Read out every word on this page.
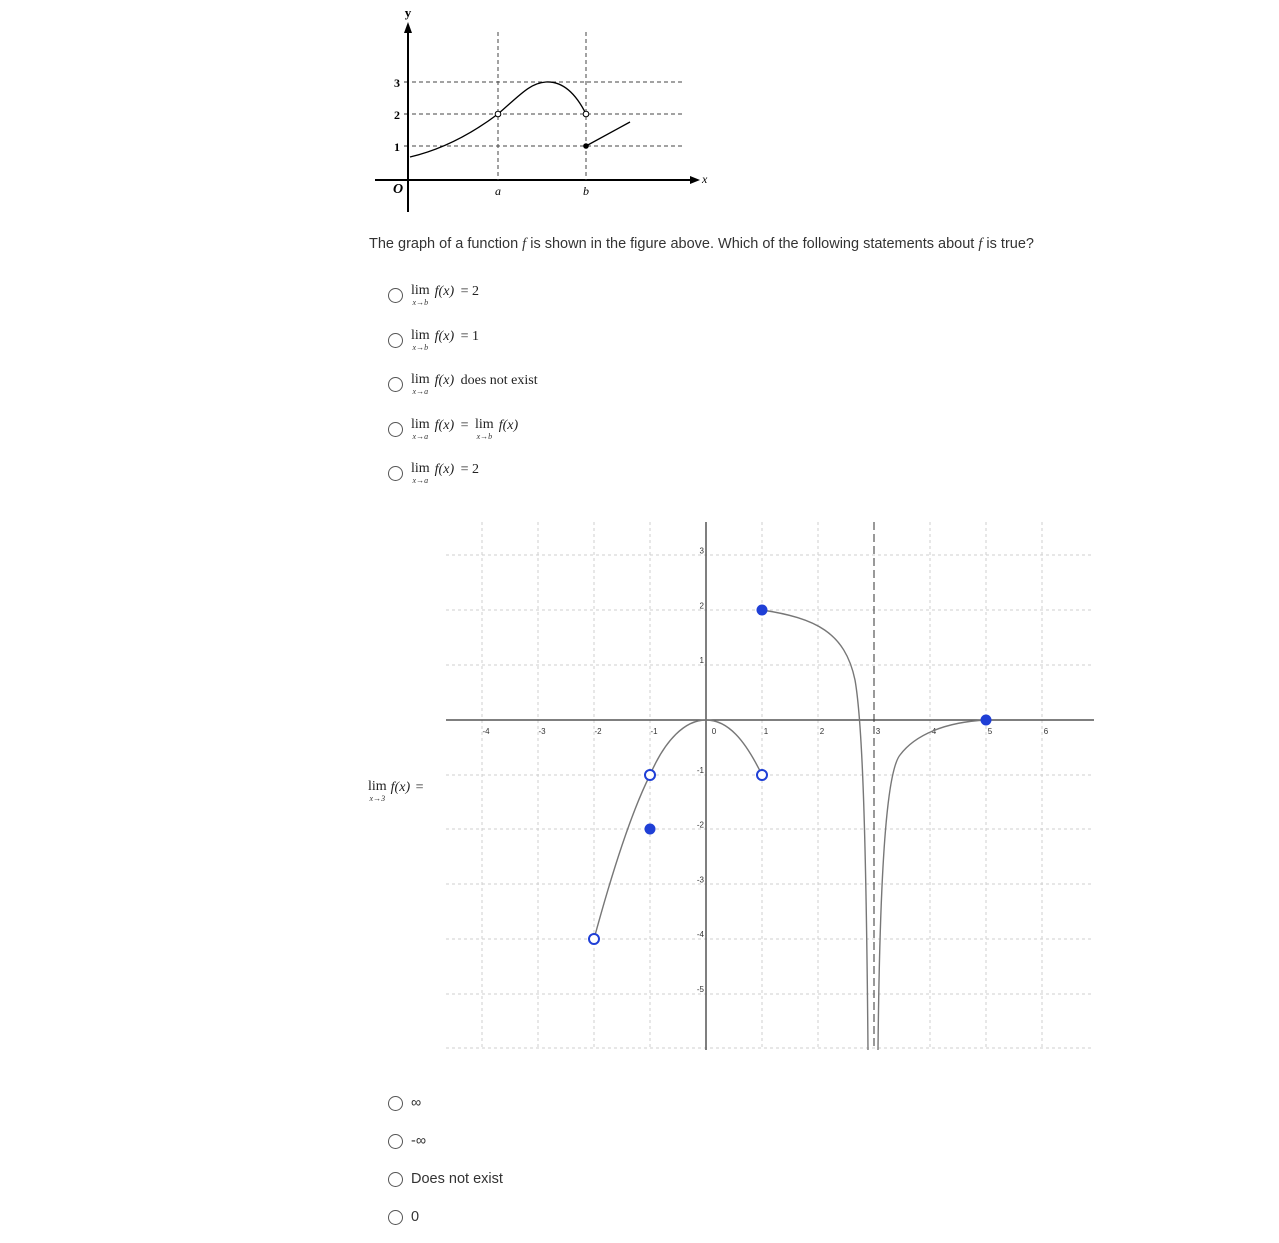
y
x
O
3
2
1
a	b
The graph of a function f is shown in the figure above. Which of the following statements about f is true?
lim
x→b
f(x) = 2
lim
x→b
f(x) = 1
lim
x→a
f(x) does not exist
lim
x→a
f(x) = lim
x→b
f(x)
lim
x→a
f(x) = 2
-4	-3	-2	-1	0	1	2	3	4	5	6
3
2
1
-1
-2
-3
-4
-5
lim
x→3
f(x) =
∞
-∞
Does not exist
0
